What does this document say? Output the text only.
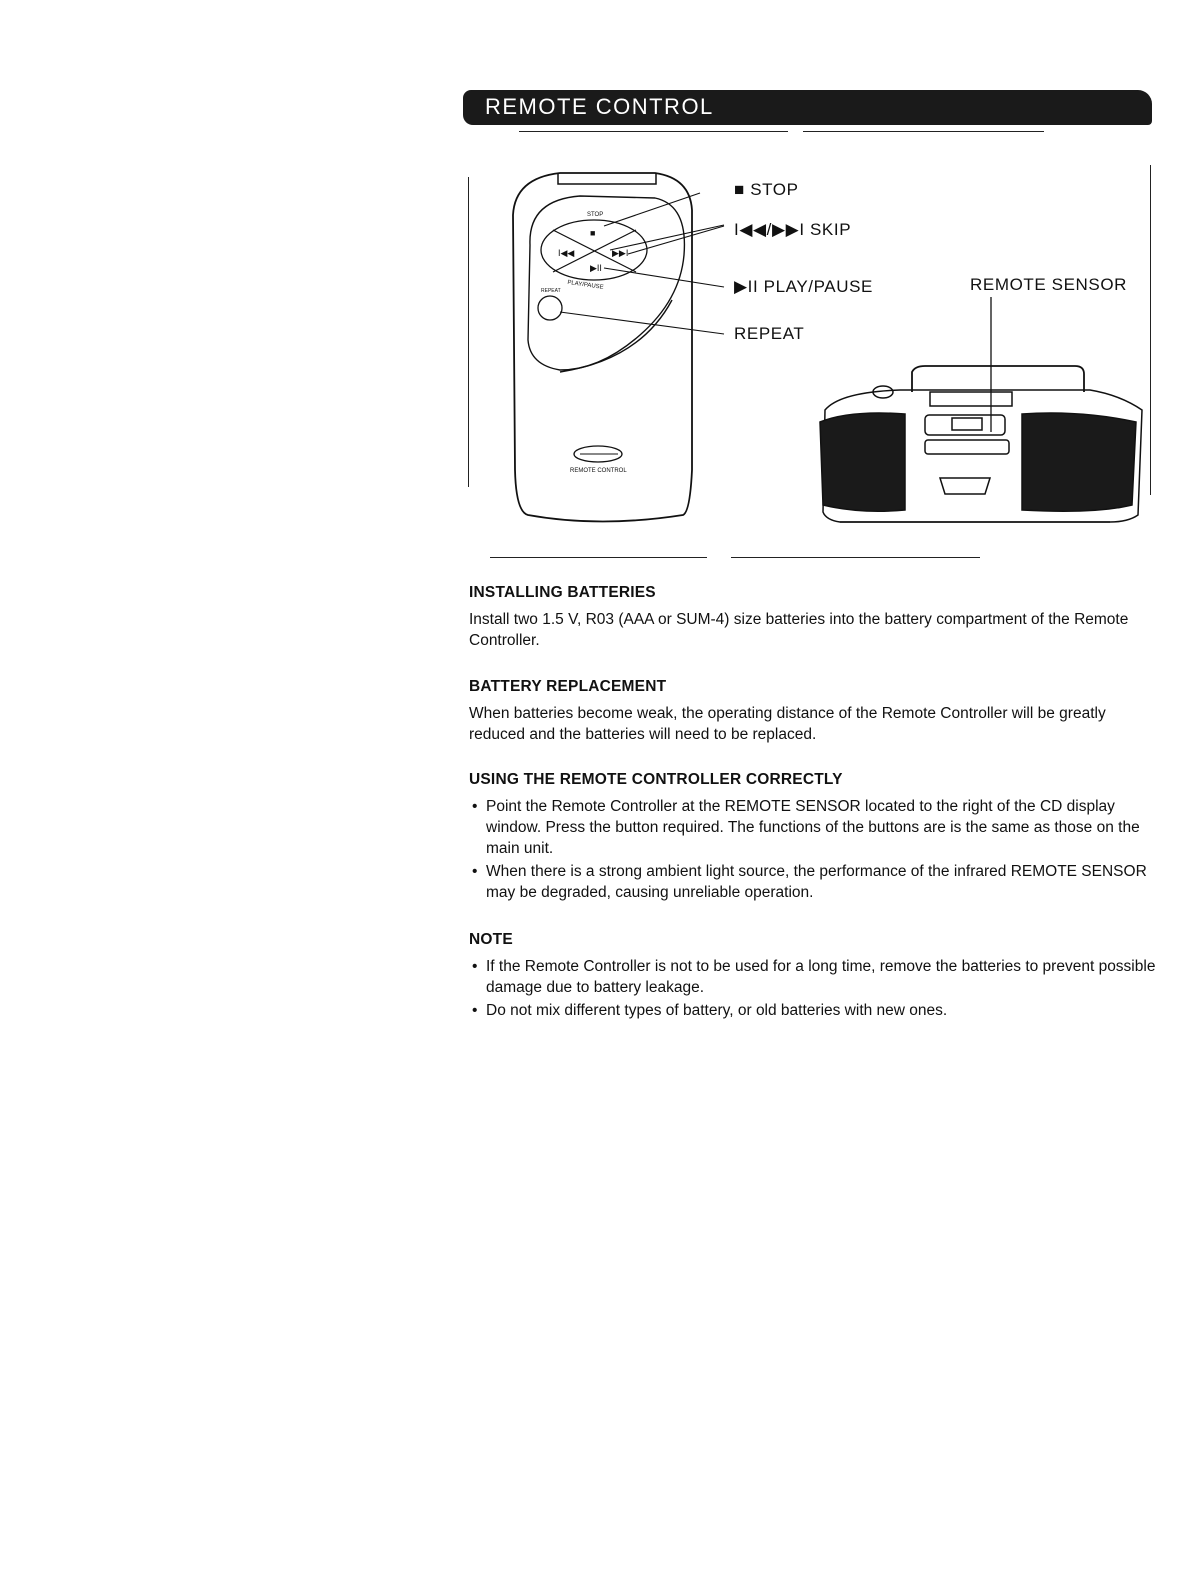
REMOTE CONTROL
STOP
■
I◀◀	▶▶I
▶II
PLAY/PAUSE
REPEAT
REMOTE CONTROL
■ STOP
I◀◀/▶▶I SKIP
▶II PLAY/PAUSE
REPEAT
REMOTE SENSOR
INSTALLING BATTERIES

Install two 1.5 V, R03 (AAA or SUM-4) size batteries into the battery compartment of the Remote Controller.

BATTERY REPLACEMENT

When batteries become weak, the operating distance of the Remote Controller will be greatly reduced and the batteries will need to be replaced.

USING THE REMOTE CONTROLLER CORRECTLY
• Point the Remote Controller at the REMOTE SENSOR located to the right of the CD display window. Press the button required. The functions of the buttons are is the same as those on the main unit.
• When there is a strong ambient light source, the performance of the infrared REMOTE SENSOR may be degraded, causing unreliable operation.
NOTE
• If the Remote Controller is not to be used for a long time, remove the batteries to prevent possible damage due to battery leakage.
• Do not mix different types of battery, or old batteries with new ones.
